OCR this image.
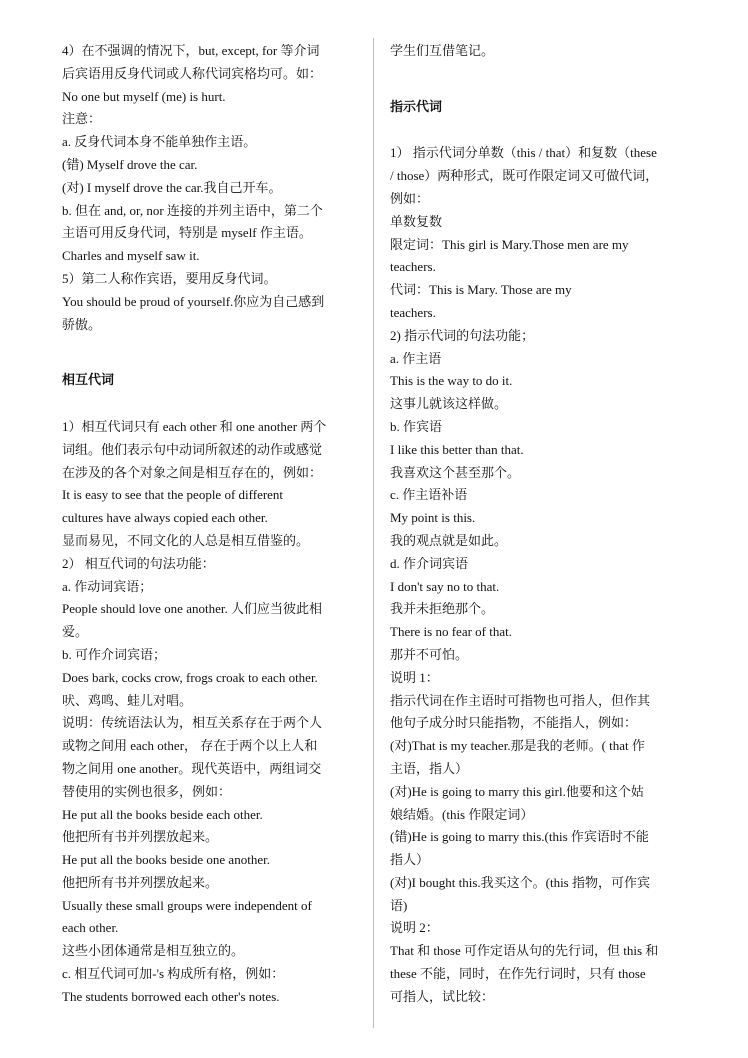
4）在不强调的情况下，but, except, for 等介词
后宾语用反身代词或人称代词宾格均可。如：
No one but myself (me) is hurt.
注意：
a. 反身代词本身不能单独作主语。
(错) Myself drove the car.
(对) I myself drove the car.我自己开车。
b. 但在 and, or, nor 连接的并列主语中，第二个
主语可用反身代词，特别是 myself 作主语。
Charles and myself saw it.
5）第二人称作宾语，要用反身代词。
You should be proud of yourself.你应为自己感到
骄傲。
相互代词
1）相互代词只有 each other 和 one another 两个
词组。他们表示句中动词所叙述的动作或感觉
在涉及的各个对象之间是相互存在的，例如：
It is easy to see that the people of different
cultures have always copied each other.
显而易见，不同文化的人总是相互借鉴的。
2） 相互代词的句法功能：
a. 作动词宾语；
People should love one another. 人们应当彼此相
爱。
b. 可作介词宾语；
Does bark, cocks crow, frogs croak to each other.
吠、鸡鸣、蛙儿对唱。
说明：传统语法认为，相互关系存在于两个人
或物之间用 each other， 存在于两个以上人和
物之间用 one another。现代英语中，两组词交
替使用的实例也很多，例如：
He put all the books beside each other.
他把所有书并列摆放起来。
He put all the books beside one another.
他把所有书并列摆放起来。
Usually these small groups were independent of
each other.
这些小团体通常是相互独立的。
c. 相互代词可加-'s 构成所有格，例如：
The students borrowed each other's notes.
学生们互借笔记。
指示代词
1） 指示代词分单数（this / that）和复数（these
/ those）两种形式，既可作限定词又可做代词，
例如：
单数复数
限定词：This girl is Mary.Those men are my
teachers.
代词：This is Mary. Those are my
teachers.
2) 指示代词的句法功能；
a. 作主语
This is the way to do it.
这事儿就该这样做。
b. 作宾语
I like this better than that.
我喜欢这个甚至那个。
c. 作主语补语
My point is this.
我的观点就是如此。
d. 作介词宾语
I don't say no to that.
我并未拒绝那个。
There is no fear of that.
那并不可怕。
说明 1：
指示代词在作主语时可指物也可指人，但作其
他句子成分时只能指物，不能指人，例如：
(对)That is my teacher.那是我的老师。( that 作
主语，指人）
(对)He is going to marry this girl.他要和这个姑
娘结婚。(this 作限定词）
(错)He is going to marry this.(this 作宾语时不能
指人）
(对)I bought this.我买这个。(this 指物，可作宾
语)
说明 2：
That 和 those 可作定语从句的先行词，但 this 和
these 不能，同时，在作先行词时，只有 those
可指人，试比较：
